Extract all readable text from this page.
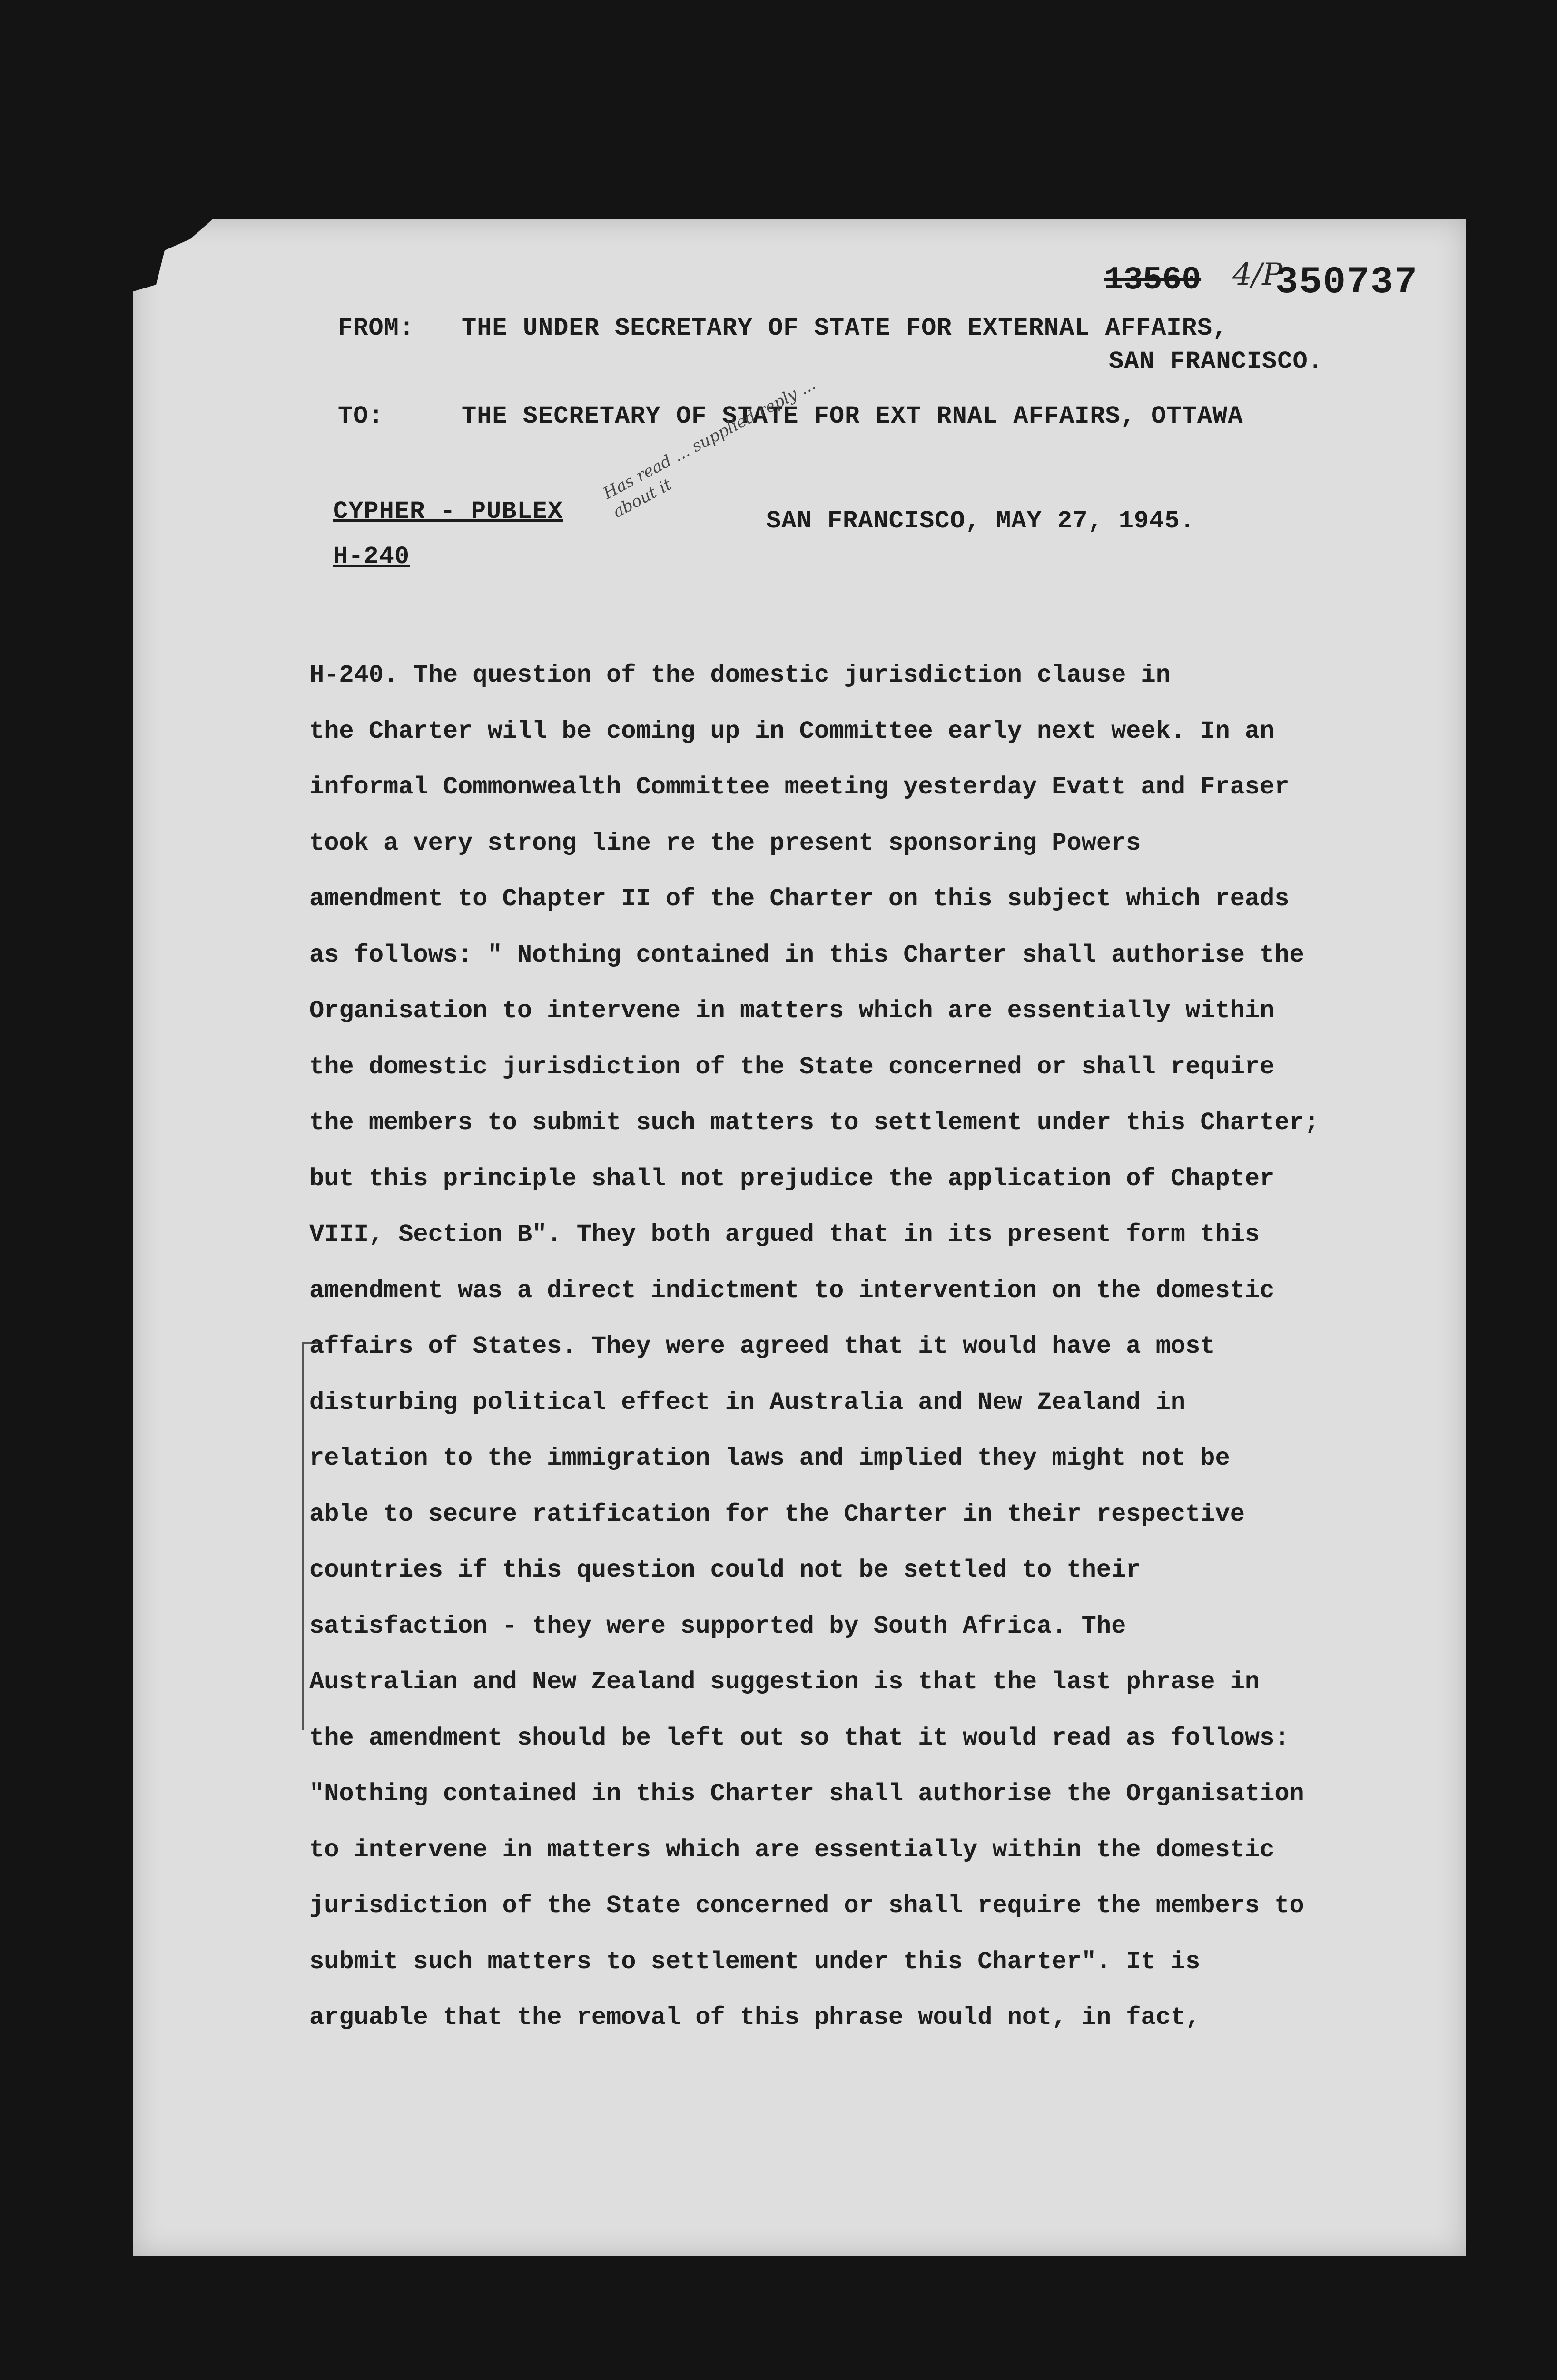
13560 4/P
350737
FROM: THE UNDER SECRETARY OF STATE FOR EXTERNAL AFFAIRS,
SAN FRANCISCO.
TO:	THE SECRETARY OF STATE FOR EXT RNAL AFFAIRS, OTTAWA
CYPHER - PUBLEX	SAN FRANCISCO, MAY 27, 1945.
H-240
Has read ... supplied reply ... about it
H-240. The question of the domestic jurisdiction clause in
the Charter will be coming up in Committee early next week. In an
informal Commonwealth Committee meeting yesterday Evatt and Fraser
took a very strong line re the present sponsoring Powers
amendment to Chapter II of the Charter on this subject which reads
as follows: " Nothing contained in this Charter shall authorise the
Organisation to intervene in matters which are essentially within
the domestic jurisdiction of the State concerned or shall require
the members to submit such matters to settlement under this Charter;
but this principle shall not prejudice the application of Chapter
VIII, Section B". They both argued that in its present form this
amendment was a direct indictment to intervention on the domestic
affairs of States. They were agreed that it would have a most
disturbing political effect in Australia and New Zealand in
relation to the immigration laws and implied they might not be
able to secure ratification for the Charter in their respective
countries if this question could not be settled to their
satisfaction - they were supported by South Africa. The
Australian and New Zealand suggestion is that the last phrase in
the amendment should be left out so that it would read as follows:
"Nothing contained in this Charter shall authorise the Organisation
to intervene in matters which are essentially within the domestic
jurisdiction of the State concerned or shall require the members to
submit such matters to settlement under this Charter". It is
arguable that the removal of this phrase would not, in fact,
